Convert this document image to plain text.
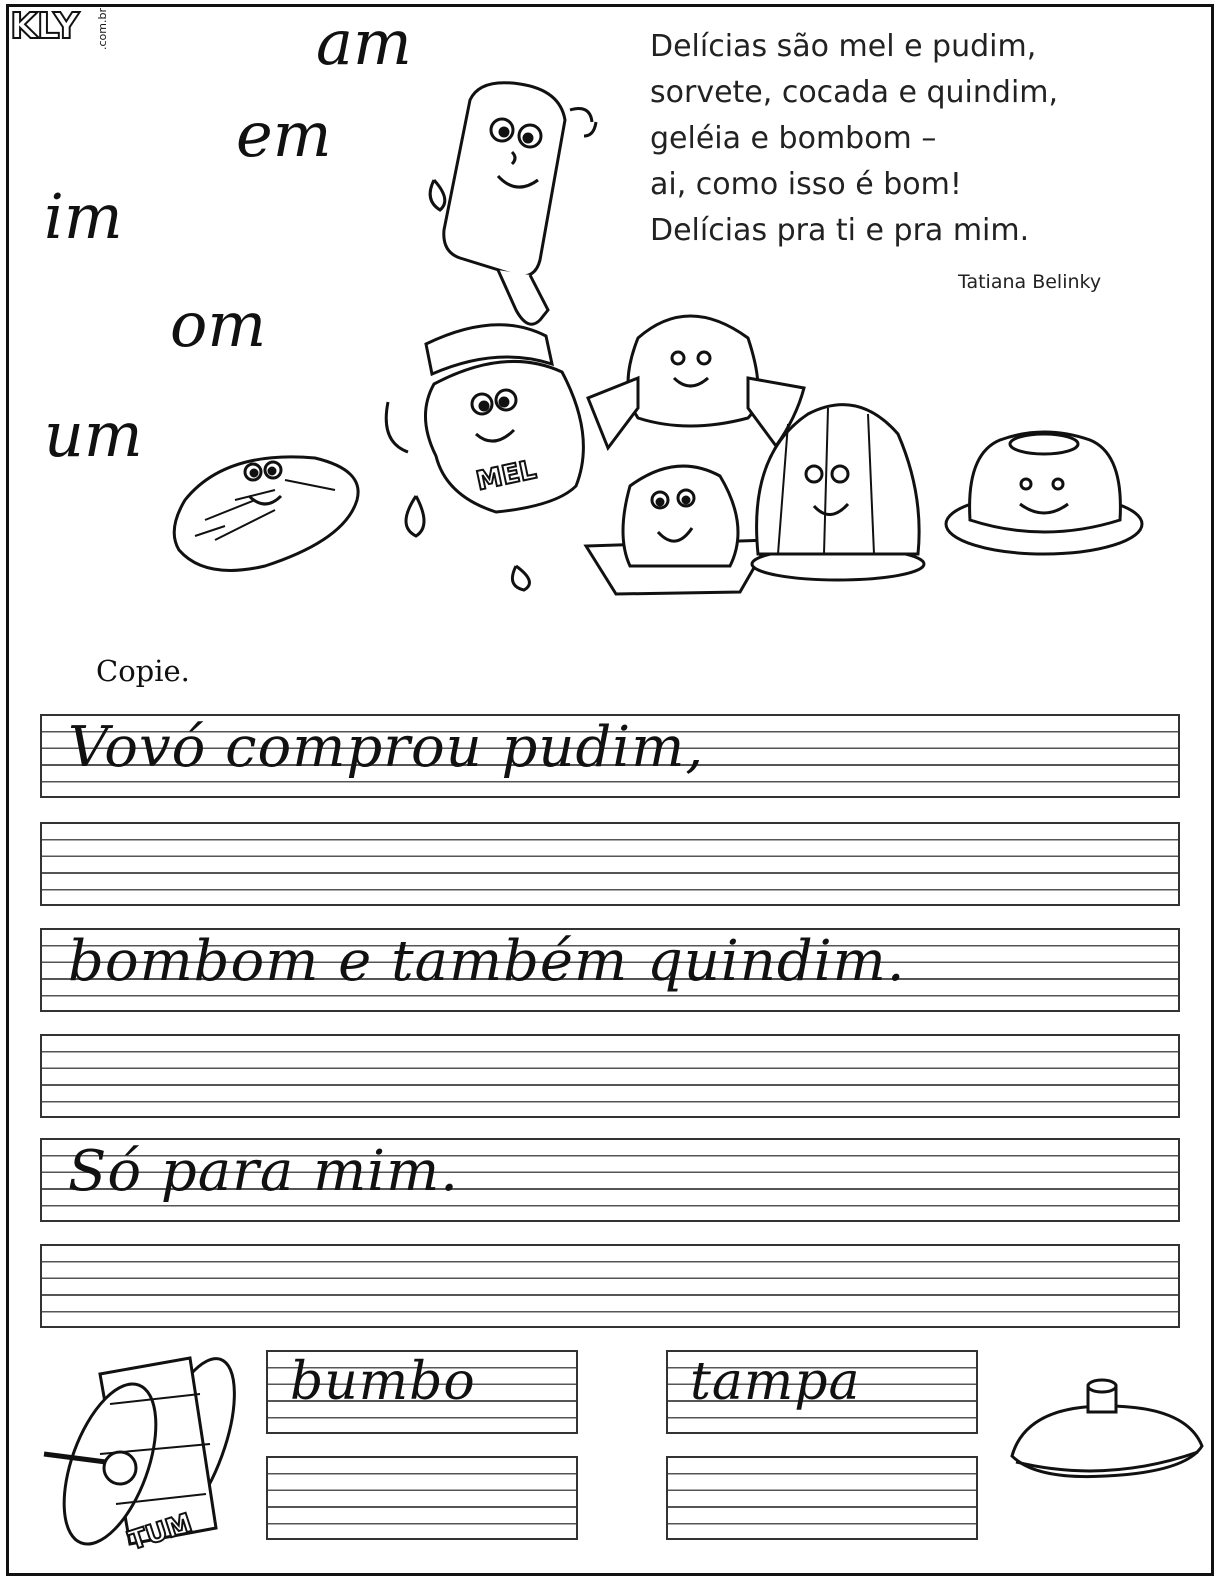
KLY .com.br	am
em
im
om
um
Delícias são mel e pudim,
sorvete, cocada e quindim,
geléia e bombom –
ai, como isso é bom!
Delícias pra ti e pra mim.
Tatiana Belinky
MEL
Copie.
Vovó comprou pudim,
bombom e também quindim.
Só para mim.
bumbo	tampa
TUM
